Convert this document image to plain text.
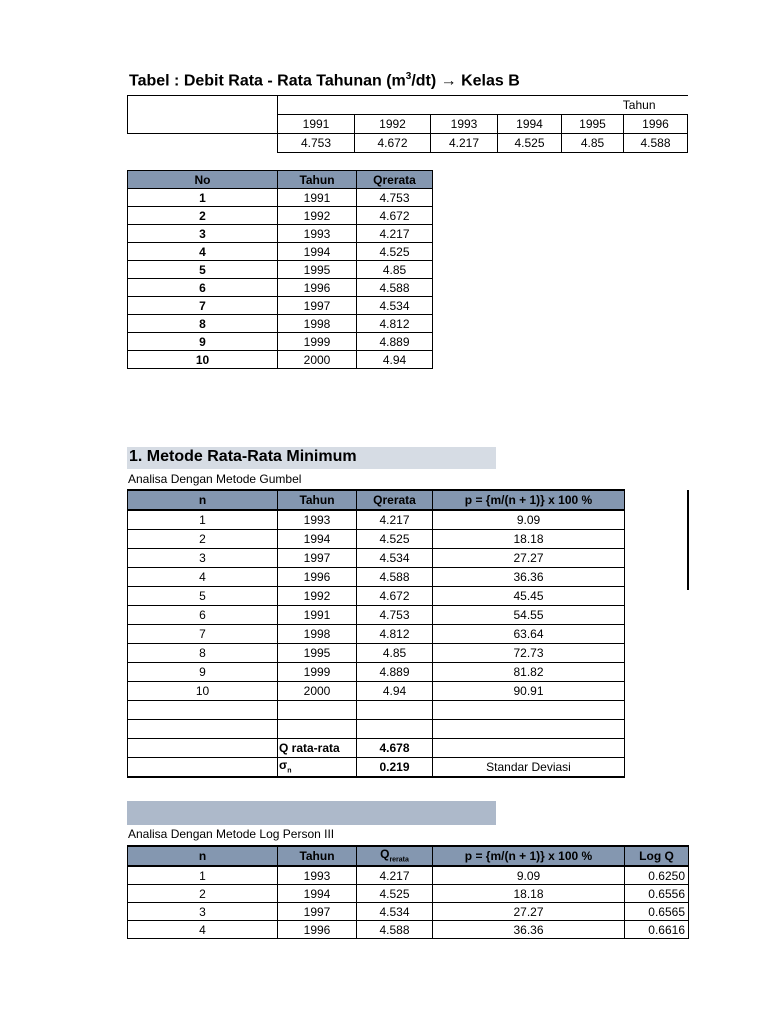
Tabel : Debit Rata - Rata Tahunan $(m^3/dt)$ → Kelas B
	Tahun					
	1991	1992	1993	1994	1995	1996
	4.753	4.672	4.217	4.525	4.85	4.588
No	Tahun	Qrerata
1	1991	4.753
2	1992	4.672
3	1993	4.217
4	1994	4.525
5	1995	4.85
6	1996	4.588
7	1997	4.534
8	1998	4.812
9	1999	4.889
10	2000	4.94
1. Metode Rata-Rata Minimum
Analisa Dengan Metode Gumbel
n	Tahun	Qrerata	p = {m/(n + 1)} x 100 %
1	1993	4.217	9.09
2	1994	4.525	18.18
3	1997	4.534	27.27
4	1996	4.588	36.36
5	1992	4.672	45.45
6	1991	4.753	54.55
7	1998	4.812	63.64
8	1995	4.85	72.73
9	1999	4.889	81.82
10	2000	4.94	90.91

	Q rata-rata	4.678	
	$\sigma_n$	0.219	Standar Deviasi
Analisa Dengan Metode Log Person III
n	Tahun	$Q_{rerata}$	p = {m/(n + 1)} x 100 %	Log Q
1	1993	4.217	9.09	0.6250
2	1994	4.525	18.18	0.6556
3	1997	4.534	27.27	0.6565
4	1996	4.588	36.36	0.6616
